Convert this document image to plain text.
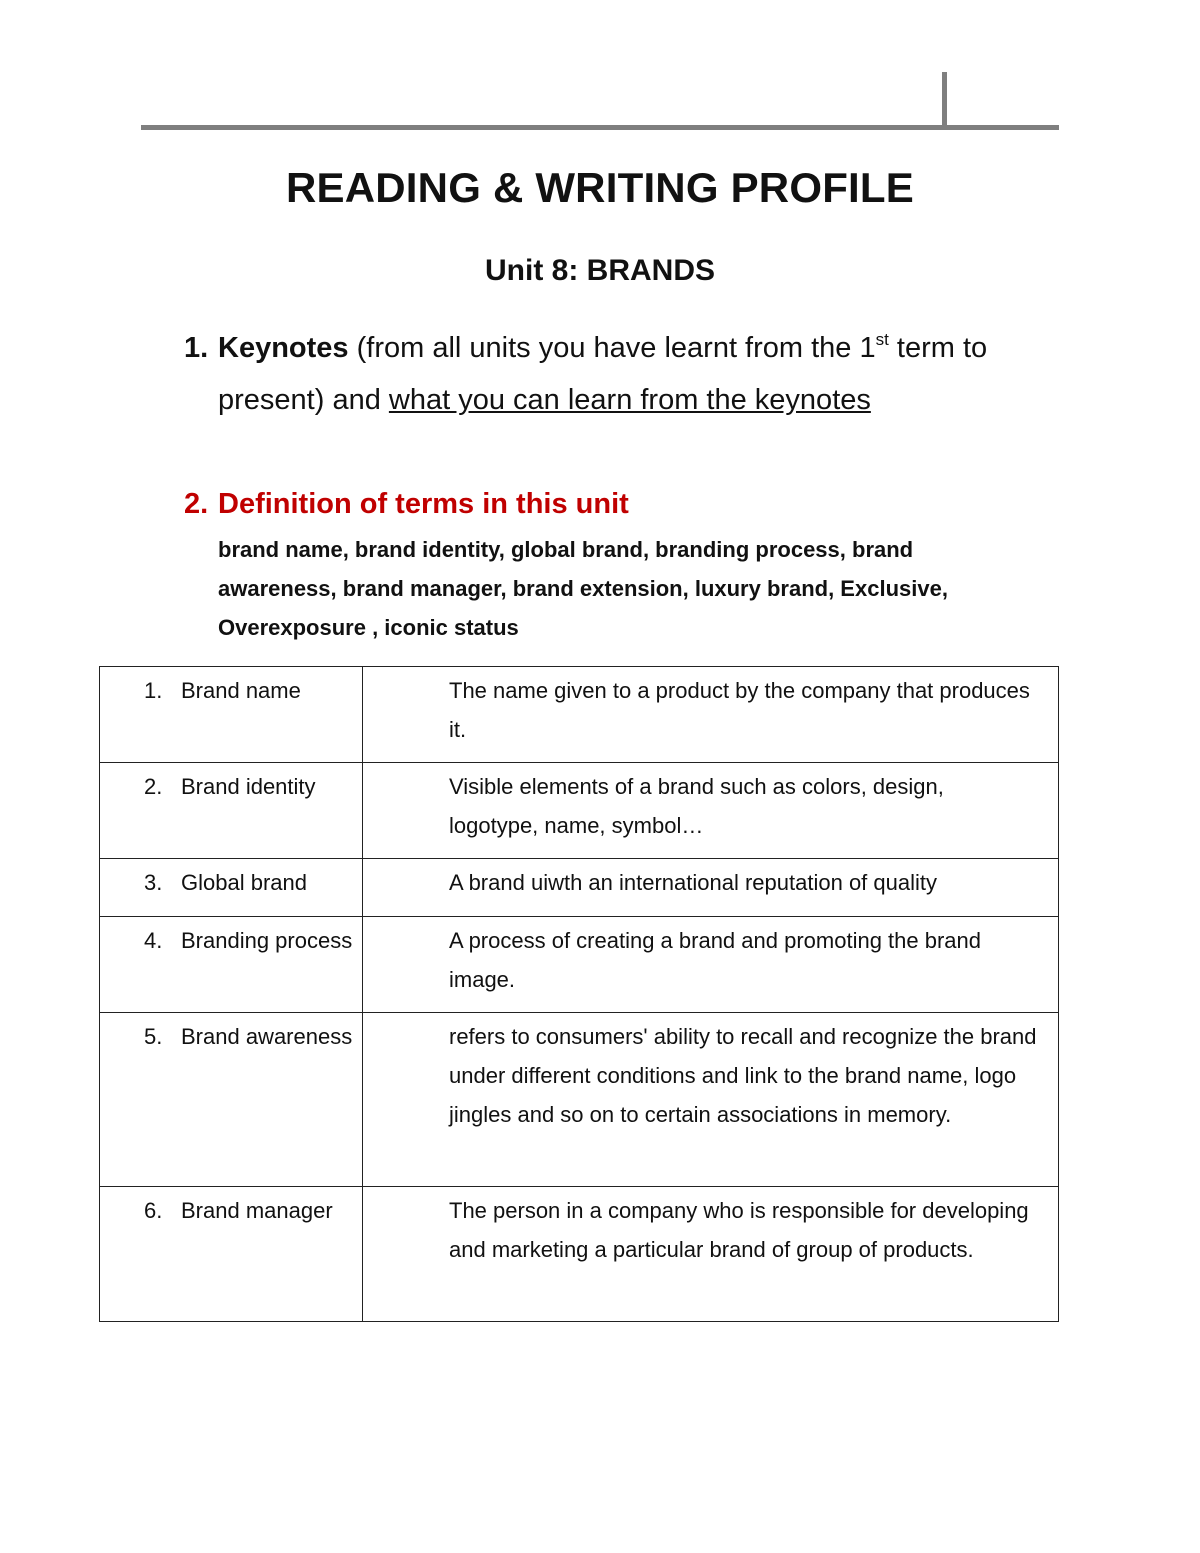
READING & WRITING PROFILE
Unit 8: BRANDS
1. Keynotes (from all units you have learnt from the 1st term to present) and what you can learn from the keynotes
2. Definition of terms in this unit
brand name, brand identity, global brand, branding process, brand awareness, brand manager, brand extension, luxury brand, Exclusive, Overexposure , iconic status
1. Brand name	The name given to a product by the company that produces it.

2. Brand identity	Visible elements of a brand such as colors, design, logotype, name, symbol…

3. Global brand	A brand uiwth an international reputation of quality

4. Branding process	A process of creating a brand and promoting the brand image.

5. Brand awareness	refers to consumers' ability to recall and recognize the brand under different conditions and link to the brand name, logo jingles and so on to certain associations in memory.

6. Brand manager	The person in a company who is responsible for developing and marketing a particular brand of group of products.
